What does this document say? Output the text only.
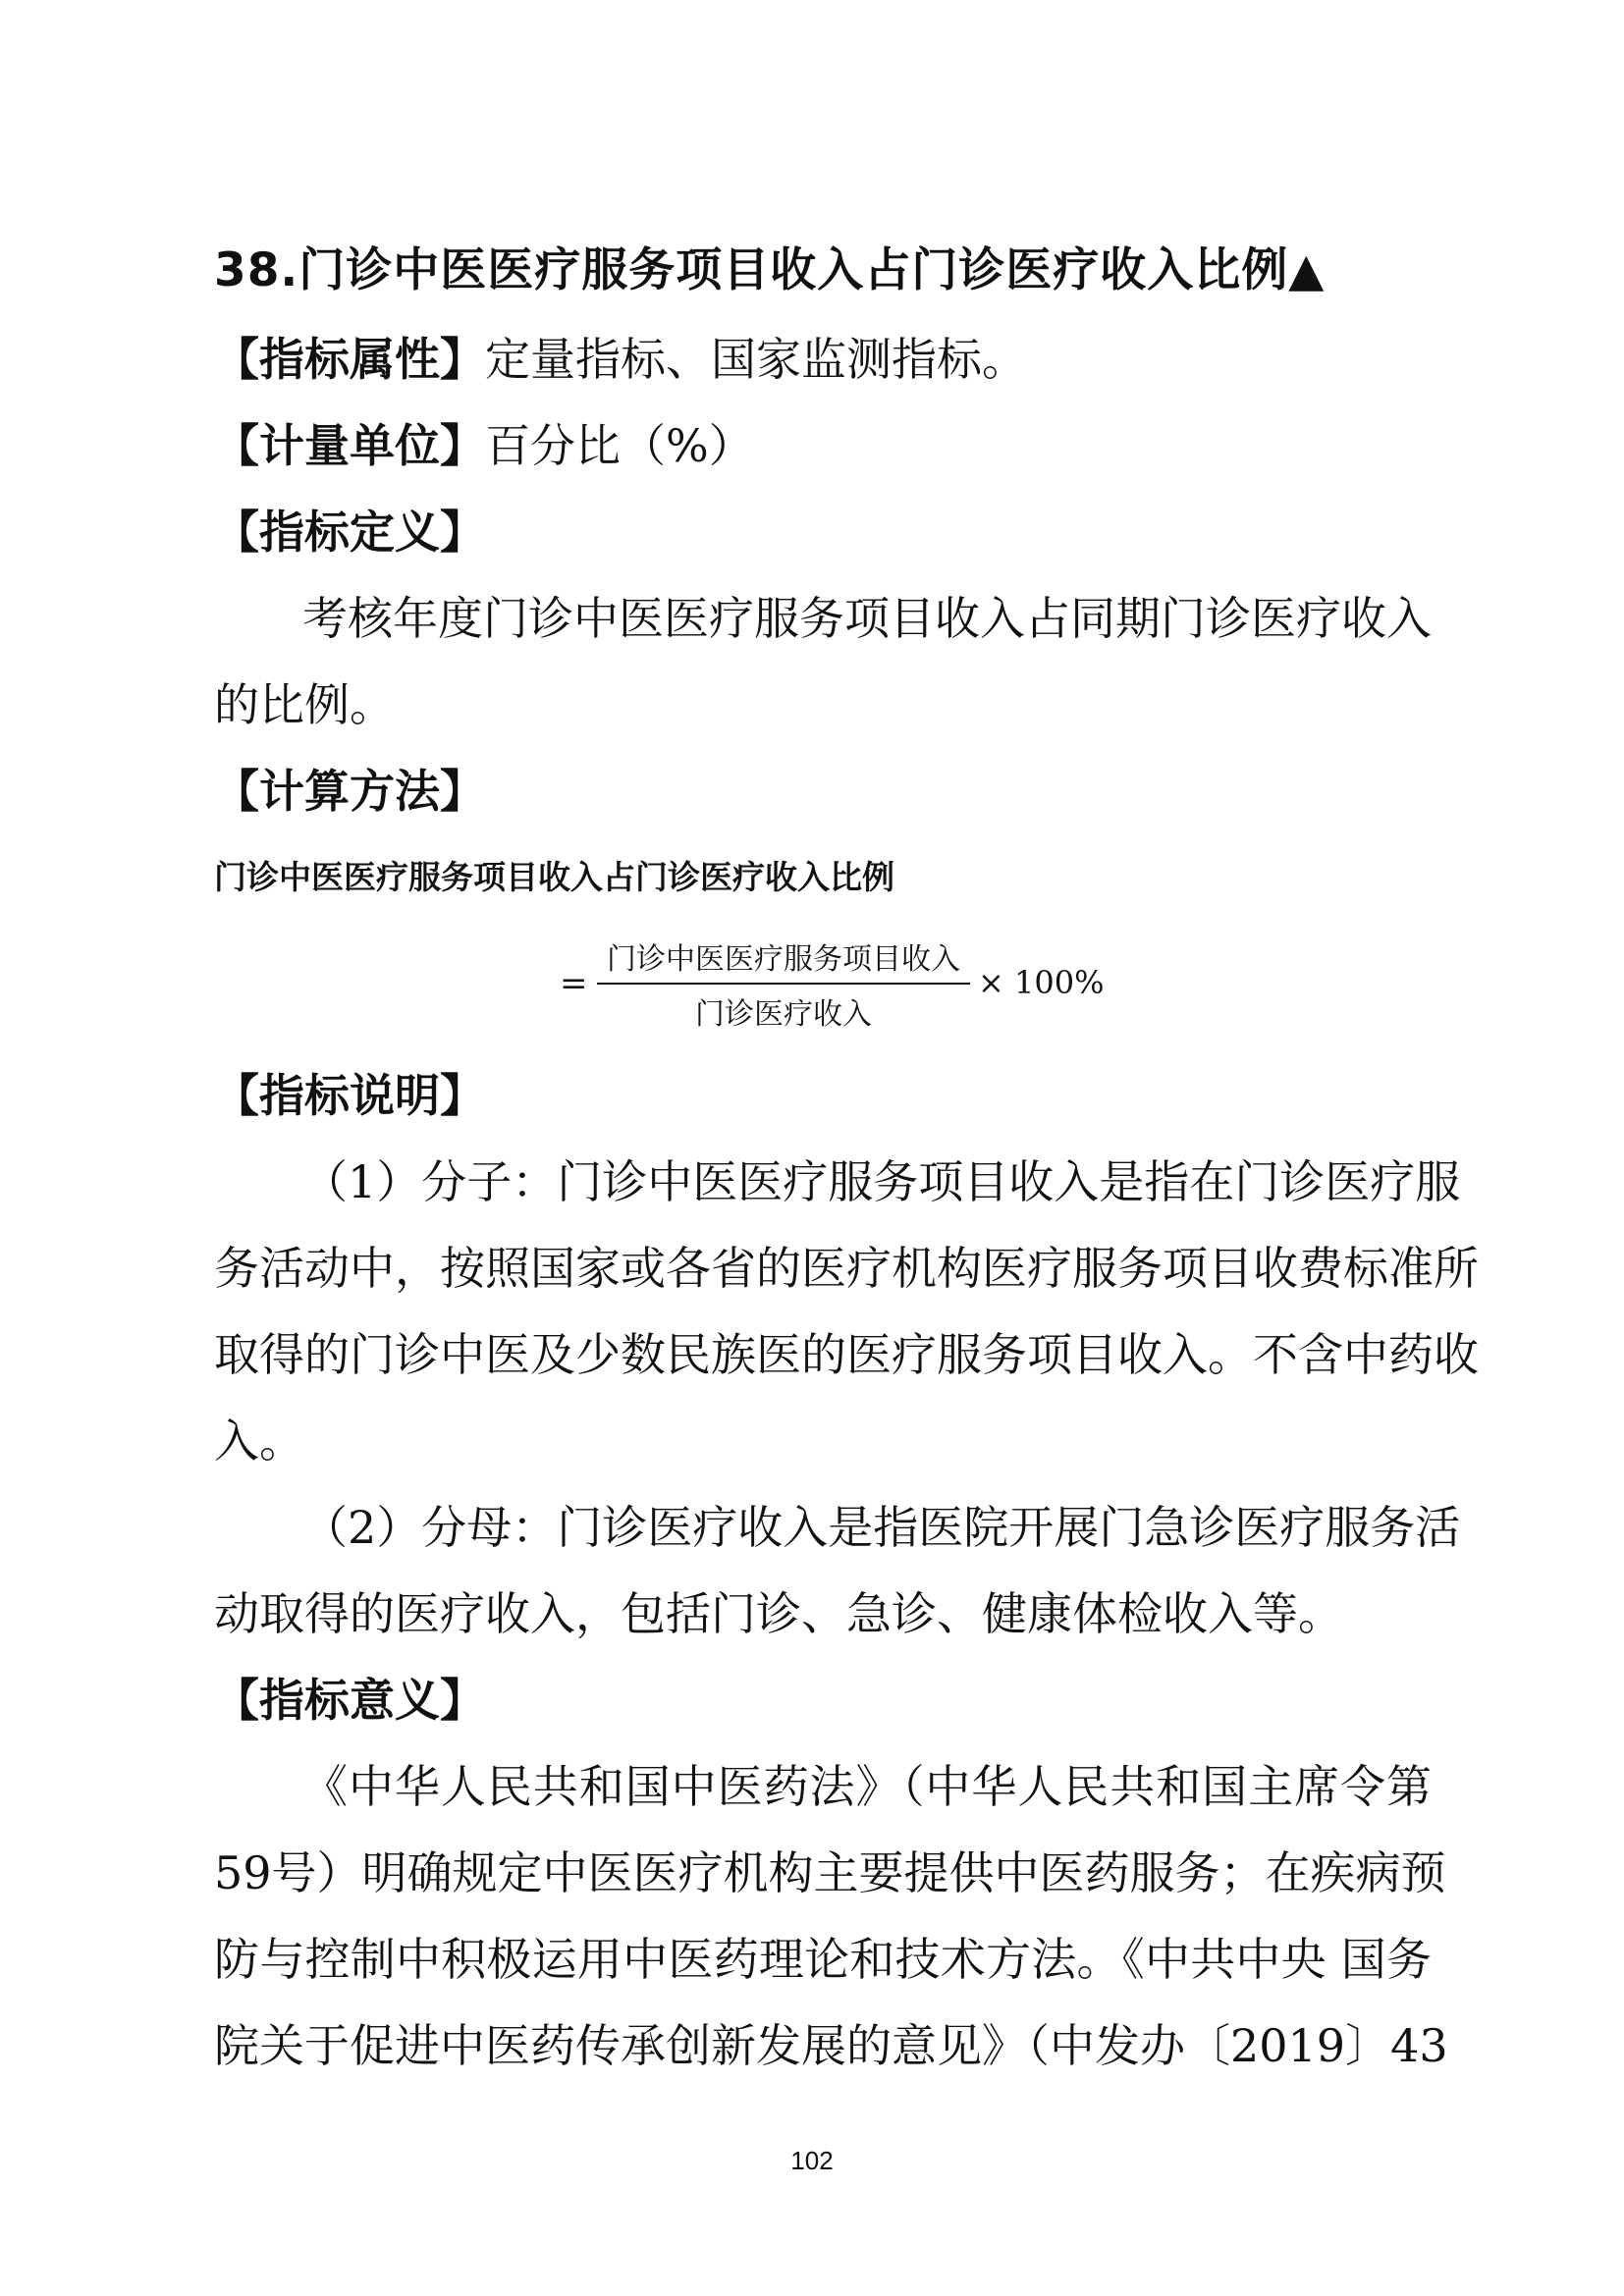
38.门诊中医医疗服务项目收入占门诊医疗收入比例▲
【指标属性】定量指标、国家监测指标。
【计量单位】百分比（%）
【指标定义】
考核年度门诊中医医疗服务项目收入占同期门诊医疗收入
的比例。
【计算方法】
门诊中医医疗服务项目收入占门诊医疗收入比例
=
门诊中医医疗服务项目收入
门诊医疗收入
× 100%
【指标说明】
（1）分子：门诊中医医疗服务项目收入是指在门诊医疗服
务活动中，按照国家或各省的医疗机构医疗服务项目收费标准所
取得的门诊中医及少数民族医的医疗服务项目收入。不含中药收
入。
（2）分母：门诊医疗收入是指医院开展门急诊医疗服务活
动取得的医疗收入，包括门诊、急诊、健康体检收入等。
【指标意义】
《中华人民共和国中医药法》（中华人民共和国主席令第
59号）明确规定中医医疗机构主要提供中医药服务；在疾病预
防与控制中积极运用中医药理论和技术方法。《中共中央 国务
院关于促进中医药传承创新发展的意见》（中发办〔2019〕43
102
